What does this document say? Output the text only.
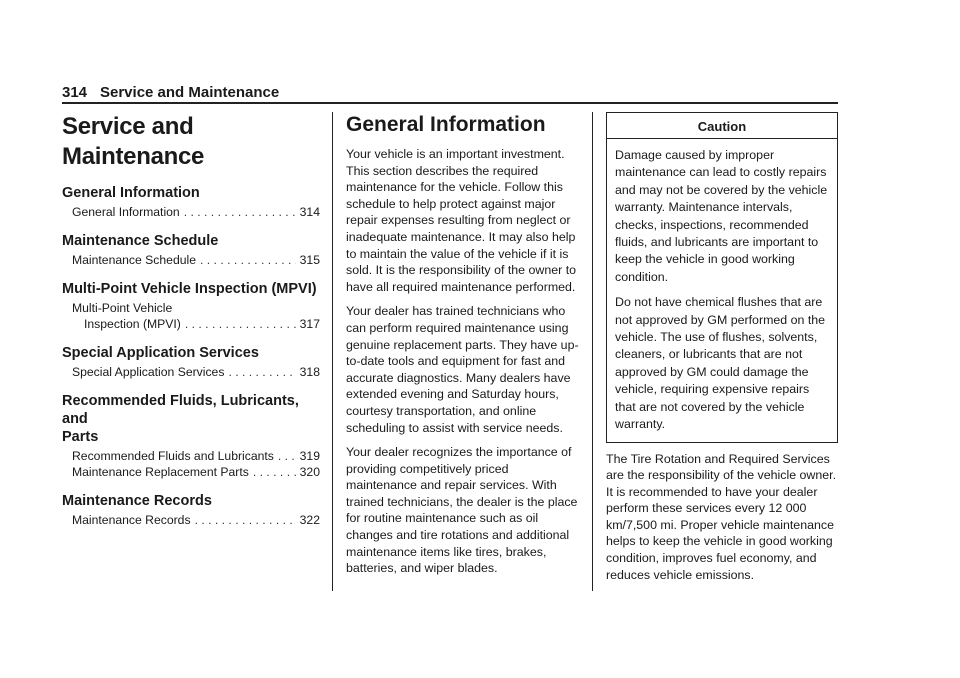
314 Service and Maintenance
Service and Maintenance
General Information
General Information . . .	314
Maintenance Schedule
Maintenance Schedule . . .	315
Multi-Point Vehicle Inspection (MPVI)
Multi-Point Vehicle
Inspection (MPVI) . . .	317
Special Application Services
Special Application Services . . .	318
Recommended Fluids, Lubricants, and
Parts
Recommended Fluids and Lubricants . . . 319
Maintenance Replacement Parts . . .	320
Maintenance Records
Maintenance Records . . .	322
General Information

Your vehicle is an important investment. This section describes the required maintenance for the vehicle. Follow this schedule to help protect against major repair expenses resulting from neglect or inadequate maintenance. It may also help to maintain the value of the vehicle if it is sold. It is the responsibility of the owner to have all required maintenance performed.

Your dealer has trained technicians who can perform required maintenance using genuine replacement parts. They have up-to-date tools and equipment for fast and accurate diagnostics. Many dealers have extended evening and Saturday hours, courtesy transportation, and online scheduling to assist with service needs.

Your dealer recognizes the importance of providing competitively priced maintenance and repair services. With trained technicians, the dealer is the place for routine maintenance such as oil changes and tire rotations and additional maintenance items like tires, brakes, batteries, and wiper blades.

Caution

Damage caused by improper maintenance can lead to costly repairs and may not be covered by the vehicle warranty. Maintenance intervals, checks, inspections, recommended fluids, and lubricants are important to keep the vehicle in good working condition.

Do not have chemical flushes that are not approved by GM performed on the vehicle. The use of flushes, solvents, cleaners, or lubricants that are not approved by GM could damage the vehicle, requiring expensive repairs that are not covered by the vehicle warranty.

The Tire Rotation and Required Services are the responsibility of the vehicle owner. It is recommended to have your dealer perform these services every 12 000 km/7,500 mi. Proper vehicle maintenance helps to keep the vehicle in good working condition, improves fuel economy, and reduces vehicle emissions.
